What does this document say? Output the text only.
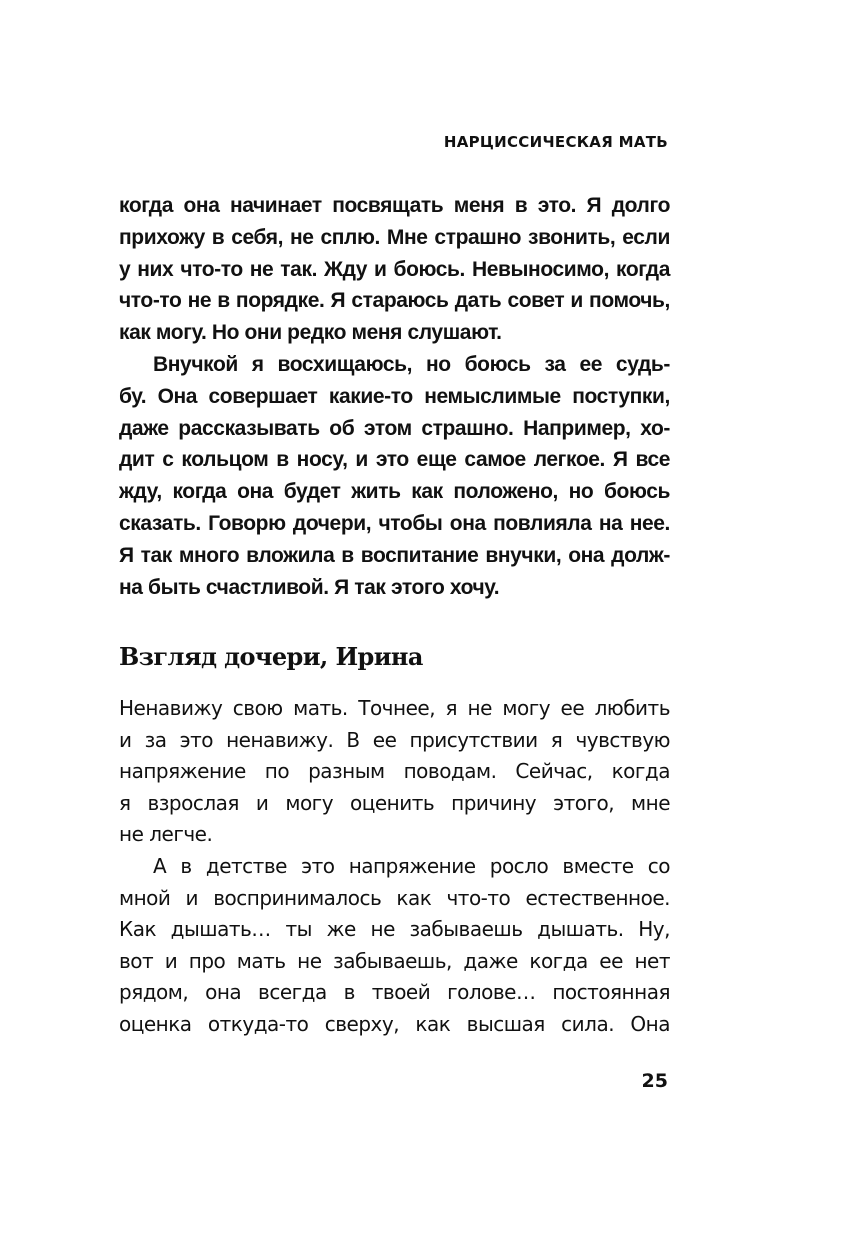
НАРЦИССИЧЕСКАЯ МАТЬ
когда она начинает посвящать меня в это. Я долго
прихожу в себя, не сплю. Мне страшно звонить, если
у них что-то не так. Жду и боюсь. Невыносимо, когда
что-то не в порядке. Я стараюсь дать совет и помочь,
как могу. Но они редко меня слушают.
Внучкой я восхищаюсь, но боюсь за ее судь-
бу. Она совершает какие-то немыслимые поступки,
даже рассказывать об этом страшно. Например, хо-
дит с кольцом в носу, и это еще самое легкое. Я все
жду, когда она будет жить как положено, но боюсь
сказать. Говорю дочери, чтобы она повлияла на нее.
Я так много вложила в воспитание внучки, она долж-
на быть счастливой. Я так этого хочу.
Взгляд дочери, Ирина
Ненавижу свою мать. Точнее, я не могу ее любить
и за это ненавижу. В ее присутствии я чувствую
напряжение по разным поводам. Сейчас, когда
я взрослая и могу оценить причину этого, мне
не легче.
А в детстве это напряжение росло вместе со
мной и воспринималось как что-то естественное.
Как дышать… ты же не забываешь дышать. Ну,
вот и про мать не забываешь, даже когда ее нет
рядом, она всегда в твоей голове… постоянная
оценка откуда-то сверху, как высшая сила. Она
25
